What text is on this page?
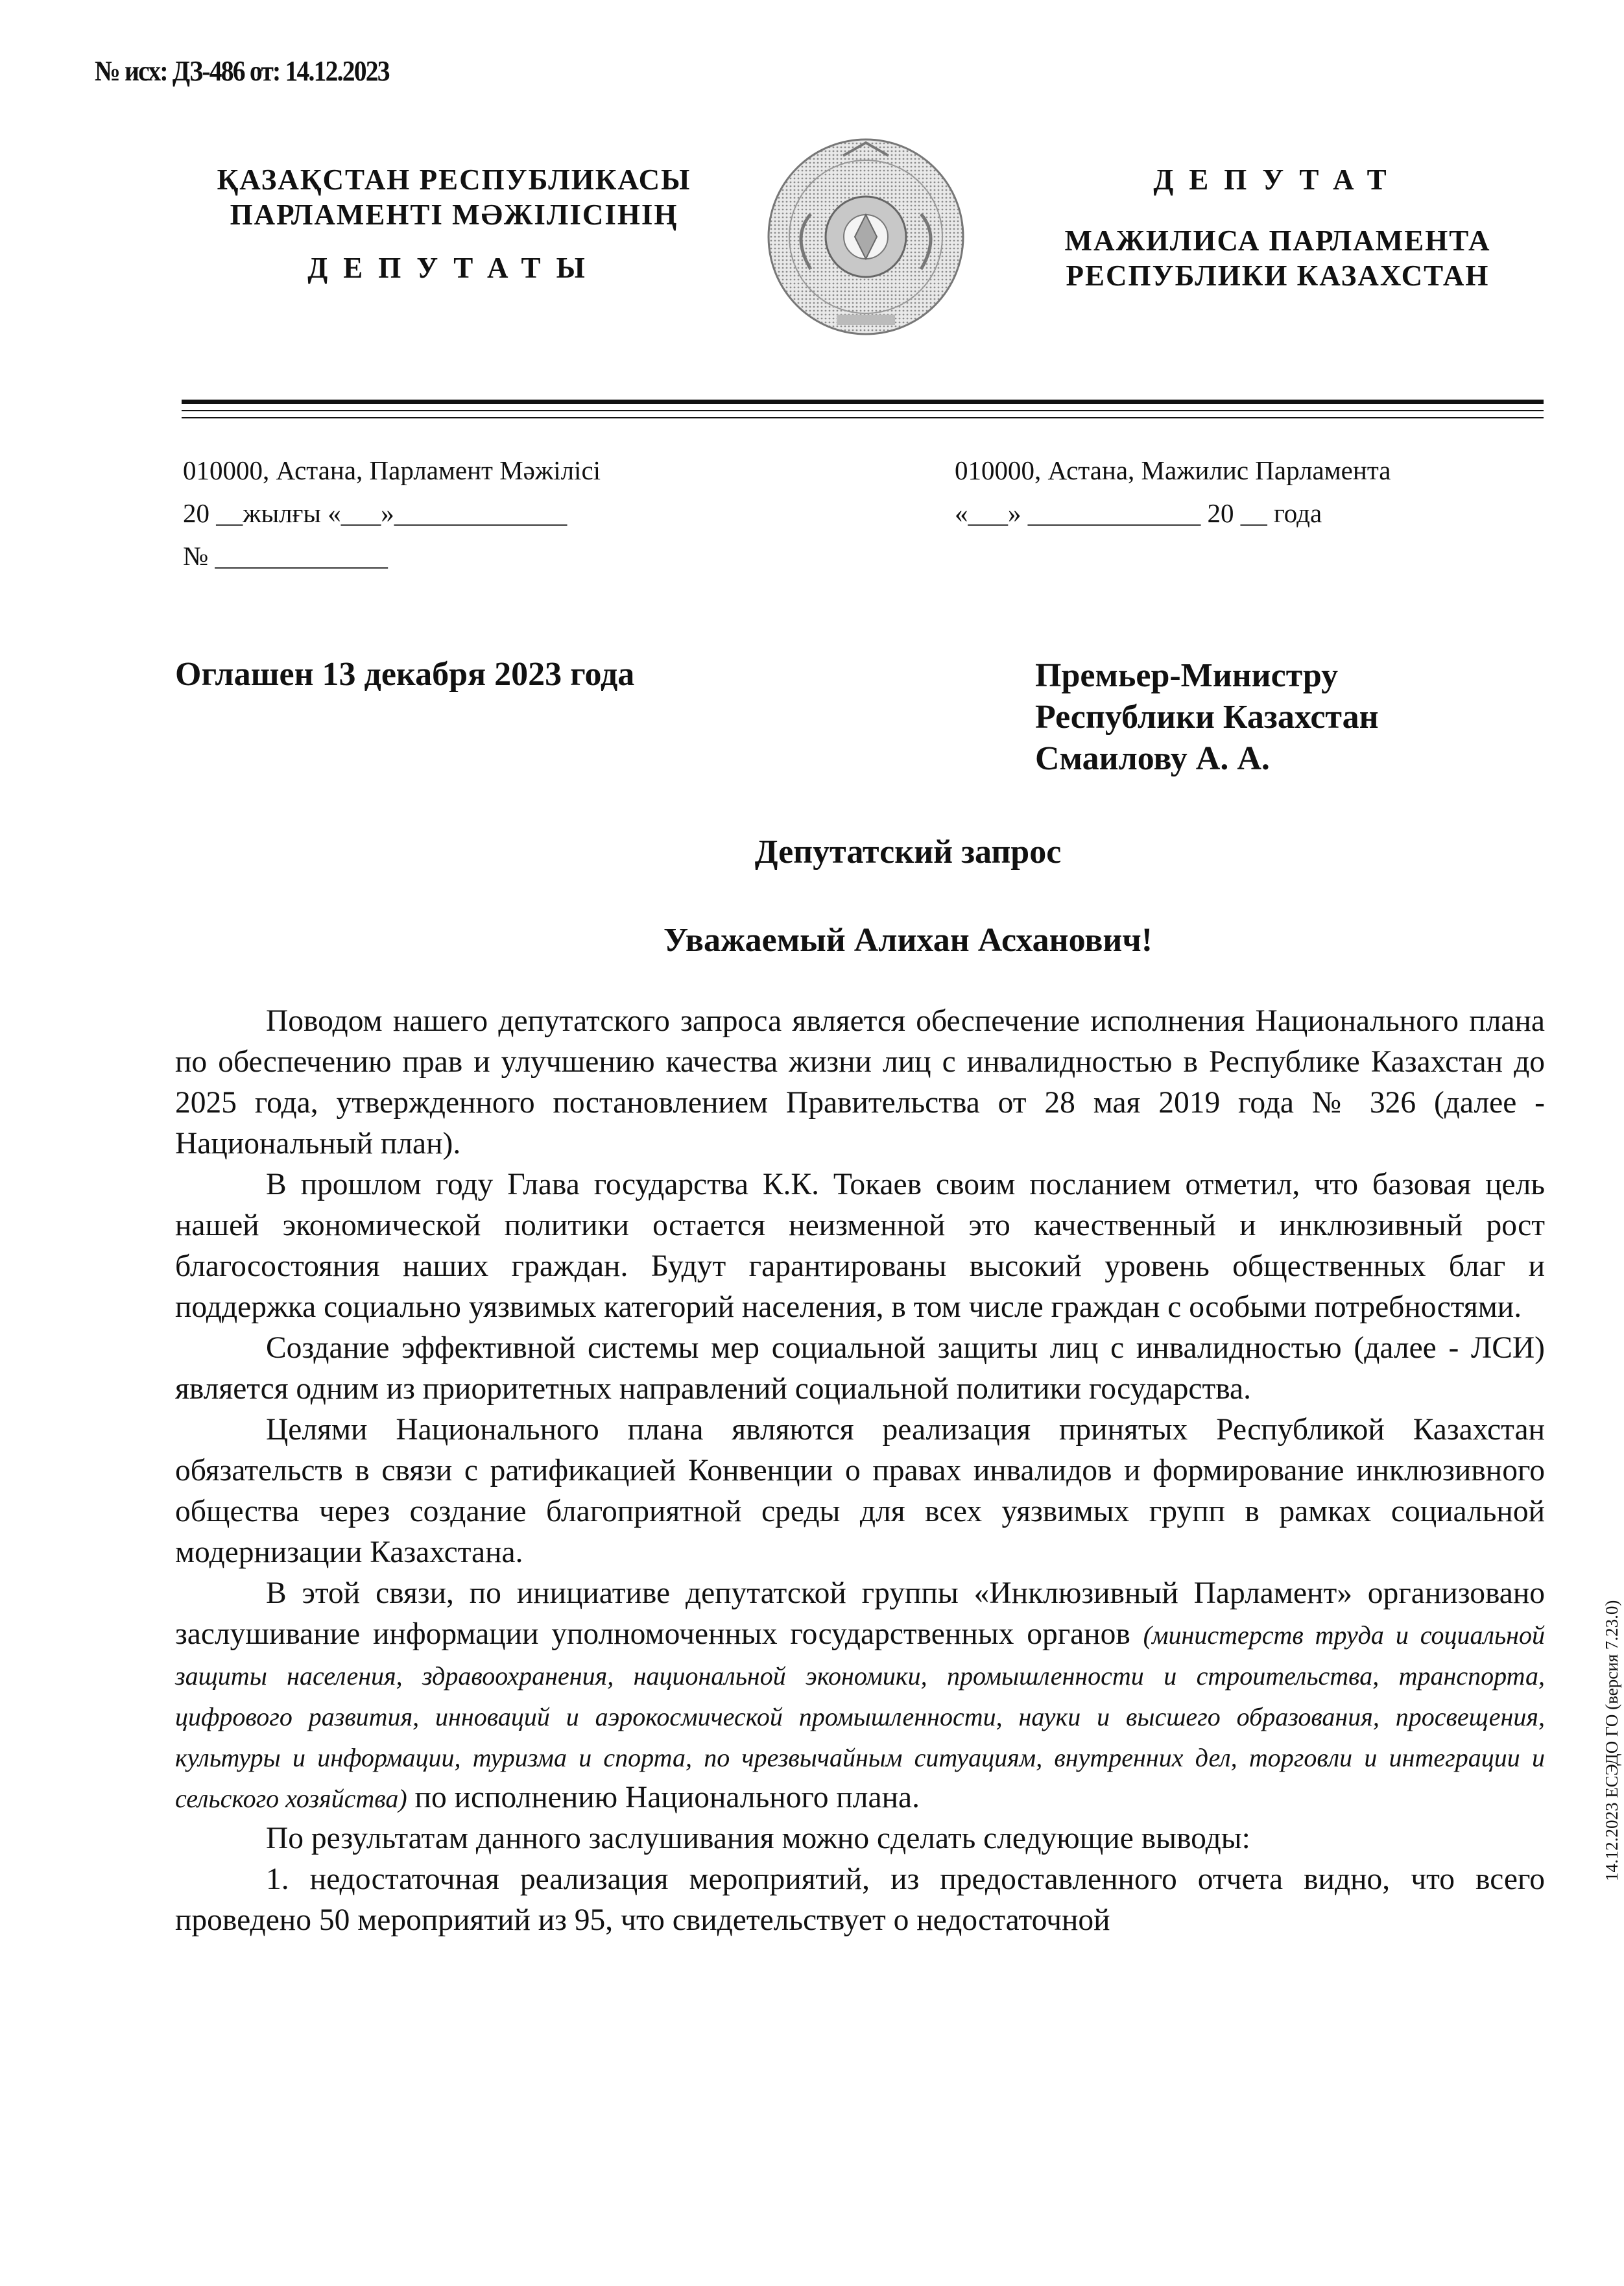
№ исх: ДЗ-486 от: 14.12.2023
ҚАЗАҚСТАН РЕСПУБЛИКАСЫ
ПАРЛАМЕНТІ МӘЖІЛІСІНІҢ
ДЕПУТАТЫ
ДЕПУТАТ
МАЖИЛИСА ПАРЛАМЕНТА
РЕСПУБЛИКИ КАЗАХСТАН
010000, Астана, Парламент Мәжілісі
20 __жылғы «___»_____________
№ _____________
010000, Астана, Мажилис Парламента
«___» _____________ 20 __ года
Оглашен 13 декабря 2023 года	Премьер-Министру
Республики Казахстан
Смаилову А. А.
Депутатский запрос
Уважаемый Алихан Асханович!

Поводом нашего депутатского запроса является обеспечение исполнения Национального плана по обеспечению прав и улучшению качества жизни лиц с инвалидностью в Республике Казахстан до 2025 года, утвержденного постановлением Правительства от 28 мая 2019 года № 326 (далее - Национальный план).

В прошлом году Глава государства К.К. Токаев своим посланием отметил, что базовая цель нашей экономической политики остается неизменной это качественный и инклюзивный рост благосостояния наших граждан. Будут гарантированы высокий уровень общественных благ и поддержка социально уязвимых категорий населения, в том числе граждан с особыми потребностями.

Создание эффективной системы мер социальной защиты лиц с инвалидностью (далее - ЛСИ) является одним из приоритетных направлений социальной политики государства.

Целями Национального плана являются реализация принятых Республикой Казахстан обязательств в связи с ратификацией Конвенции о правах инвалидов и формирование инклюзивного общества через создание благоприятной среды для всех уязвимых групп в рамках социальной модернизации Казахстана.

В этой связи, по инициативе депутатской группы «Инклюзивный Парламент» организовано заслушивание информации уполномоченных государственных органов (министерств труда и социальной защиты населения, здравоохранения, национальной экономики, промышленности и строительства, транспорта, цифрового развития, инноваций и аэрокосмической промышленности, науки и высшего образования, просвещения, культуры и информации, туризма и спорта, по чрезвычайным ситуациям, внутренних дел, торговли и интеграции и сельского хозяйства) по исполнению Национального плана.

По результатам данного заслушивания можно сделать следующие выводы:

1. недостаточная реализация мероприятий, из предоставленного отчета видно, что всего проведено 50 мероприятий из 95, что свидетельствует о недостаточной

14.12.2023 ЕСЭДО ГО (версия 7.23.0)
